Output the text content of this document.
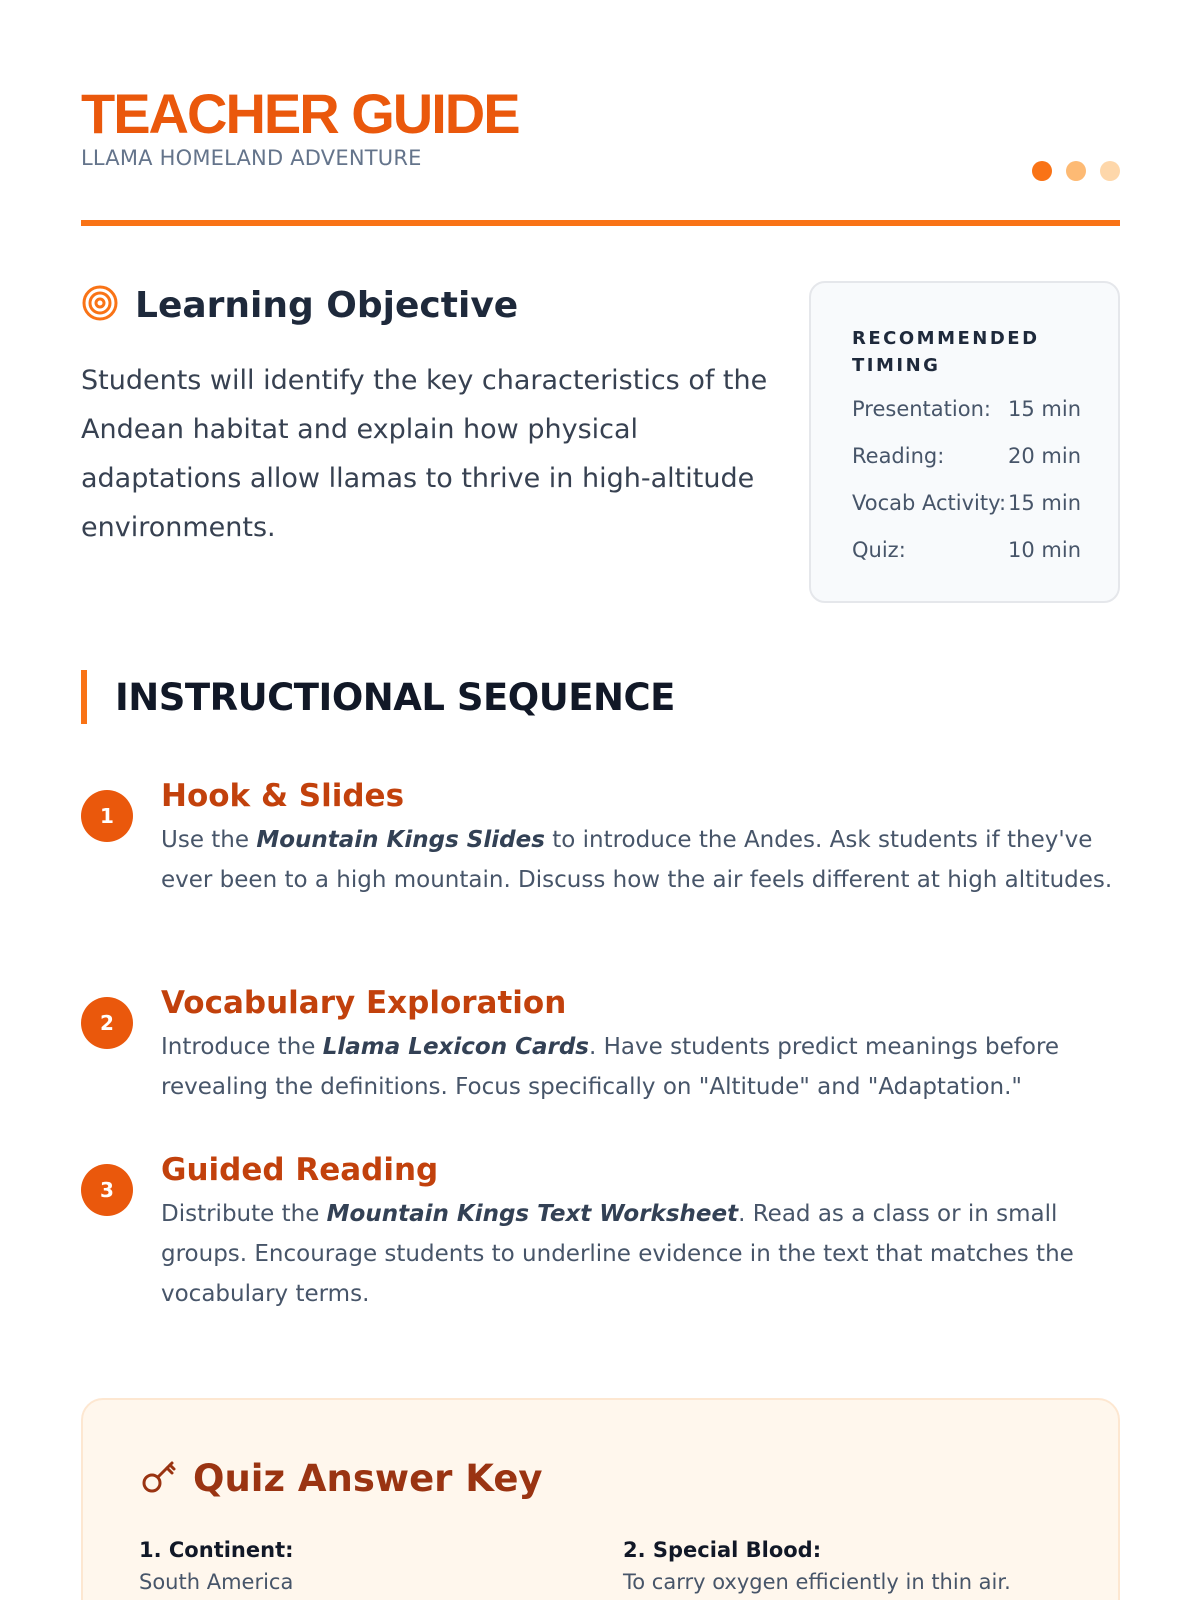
TEACHER GUIDE
LLAMA HOMELAND ADVENTURE
Learning Objective

Students will identify the key characteristics of the Andean habitat and explain how physical adaptations allow llamas to thrive in high-altitude environments.

RECOMMENDED TIMING
Presentation: 15 min
Reading:	20 min
Vocab Activity: 15 min
Quiz:	10 min
INSTRUCTIONAL SEQUENCE
1
Hook & Slides

Use the Mountain Kings Slides to introduce the Andes. Ask students if they've ever been to a high mountain. Discuss how the air feels different at high altitudes.

2
Vocabulary Exploration

Introduce the Llama Lexicon Cards. Have students predict meanings before revealing the definitions. Focus specifically on "Altitude" and "Adaptation."

3
Guided Reading

Distribute the Mountain Kings Text Worksheet. Read as a class or in small groups. Encourage students to underline evidence in the text that matches the vocabulary terms.

Quiz Answer Key
1. Continent:
South America
2. Special Blood:
To carry oxygen efficiently in thin air.
